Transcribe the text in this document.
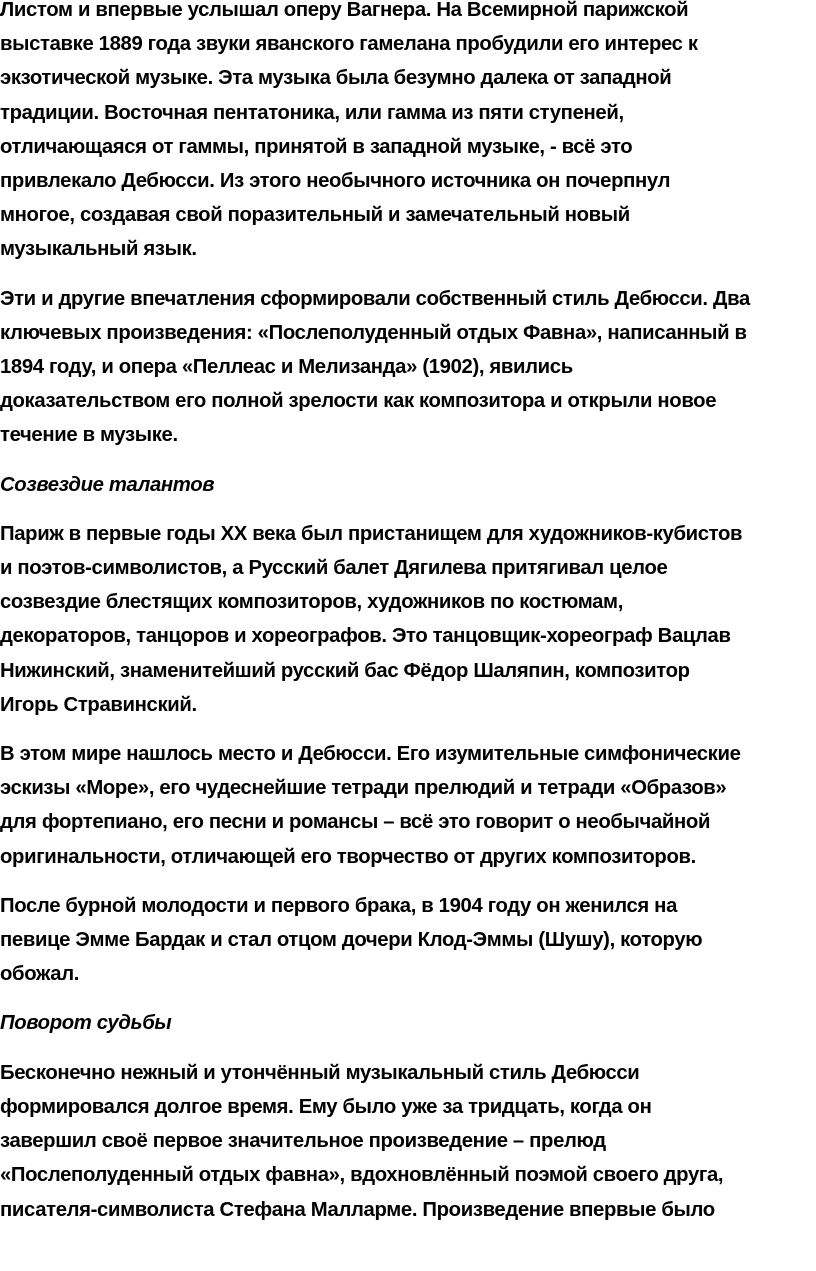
Листом и впервые услышал оперу Вагнера. На Всемирной парижской
выставке 1889 года звуки яванского гамелана пробудили его интерес к
экзотической музыке. Эта музыка была безумно далека от западной
традиции. Восточная пентатоника, или гамма из пяти ступеней,
отличающаяся от гаммы, принятой в западной музыке, - всё это
привлекало Дебюсси. Из этого необычного источника он почерпнул
многое, создавая свой поразительный и замечательный новый
музыкальный язык.

Эти и другие впечатления сформировали собственный стиль Дебюсси. Два
ключевых произведения: «Послеполуденный отдых Фавна», написанный в
1894 году, и опера «Пеллеас и Мелизанда» (1902), явились
доказательством его полной зрелости как композитора и открыли новое
течение в музыке.

Созвездие талантов

Париж в первые годы XX века был пристанищем для художников-кубистов
и поэтов-символистов, а Русский балет Дягилева притягивал целое
созвездие блестящих композиторов, художников по костюмам,
декораторов, танцоров и хореографов. Это танцовщик-хореограф Вацлав
Нижинский, знаменитейший русский бас Фёдор Шаляпин, композитор
Игорь Стравинский.

В этом мире нашлось место и Дебюсси. Его изумительные симфонические
эскизы «Море», его чудеснейшие тетради прелюдий и тетради «Образов»
для фортепиано, его песни и романсы – всё это говорит о необычайной
оригинальности, отличающей его творчество от других композиторов.

После бурной молодости и первого брака, в 1904 году он женился на
певице Эмме Бардак и стал отцом дочери Клод-Эммы (Шушу), которую
обожал.

Поворот судьбы

Бесконечно нежный и утончённый музыкальный стиль Дебюсси
формировался долгое время. Ему было уже за тридцать, когда он
завершил своё первое значительное произведение – прелюд
«Послеполуденный отдых фавна», вдохновлённый поэмой своего друга,
писателя-символиста Стефана Малларме. Произведение впервые было
